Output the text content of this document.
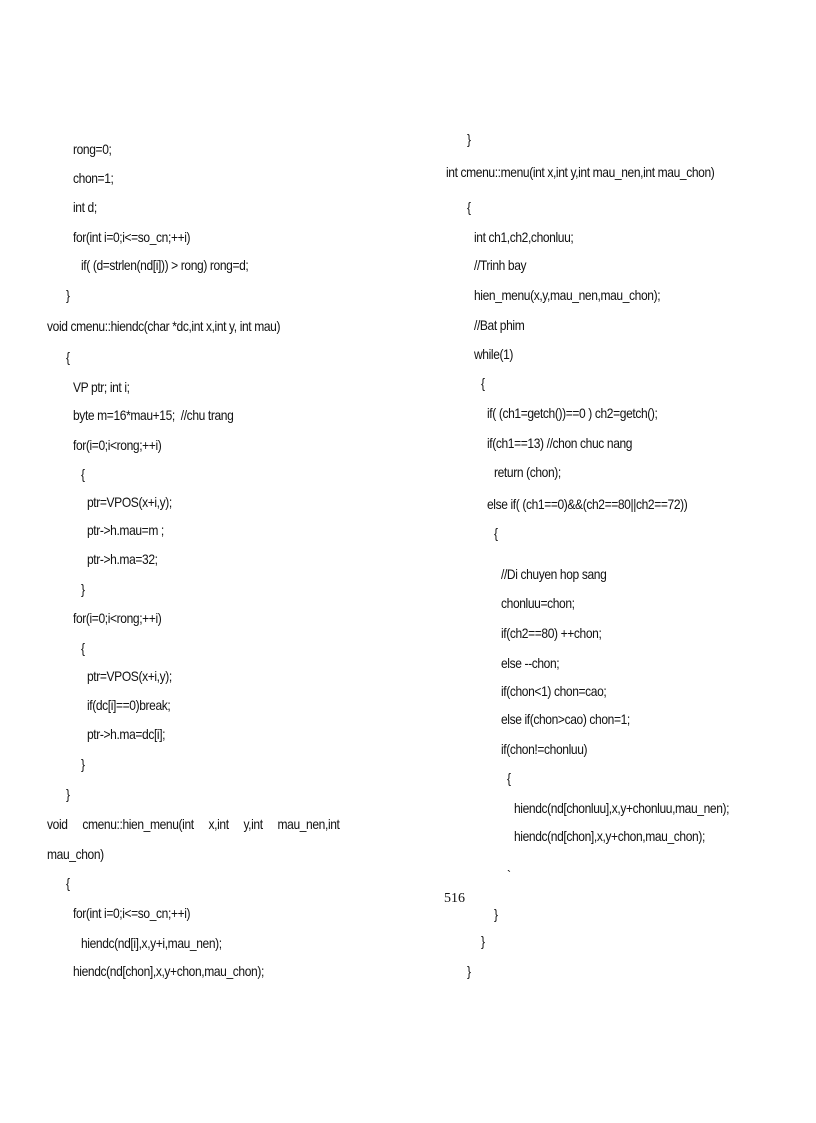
rong=0;
chon=1;
int d;
for(int i=0;i<=so_cn;++i)
if( (d=strlen(nd[i])) > rong) rong=d;
}
void cmenu::hiendc(char *dc,int x,int y, int mau)
{
VP ptr; int i;
byte m=16*mau+15;  //chu trang
for(i=0;i<rong;++i)
{
ptr=VPOS(x+i,y);
ptr->h.mau=m ;
ptr->h.ma=32;
}
for(i=0;i<rong;++i)
{
ptr=VPOS(x+i,y);
if(dc[i]==0)break;
ptr->h.ma=dc[i];
}
}
void     cmenu::hien_menu(int     x,int     y,int     mau_nen,int
mau_chon)
{
for(int i=0;i<=so_cn;++i)
hiendc(nd[i],x,y+i,mau_nen);
hiendc(nd[chon],x,y+chon,mau_chon);
}
int cmenu::menu(int x,int y,int mau_nen,int mau_chon)
{
int ch1,ch2,chonluu;
//Trinh bay
hien_menu(x,y,mau_nen,mau_chon);
//Bat phim
while(1)
{
if( (ch1=getch())==0 ) ch2=getch();
if(ch1==13) //chon chuc nang
return (chon);
else if( (ch1==0)&&(ch2==80||ch2==72))
{
//Di chuyen hop sang
chonluu=chon;
if(ch2==80) ++chon;
else --chon;
if(chon<1) chon=cao;
else if(chon>cao) chon=1;
if(chon!=chonluu)
{
hiendc(nd[chonluu],x,y+chonluu,mau_nen);
hiendc(nd[chon],x,y+chon,mau_chon);
`
}
}
}
516
